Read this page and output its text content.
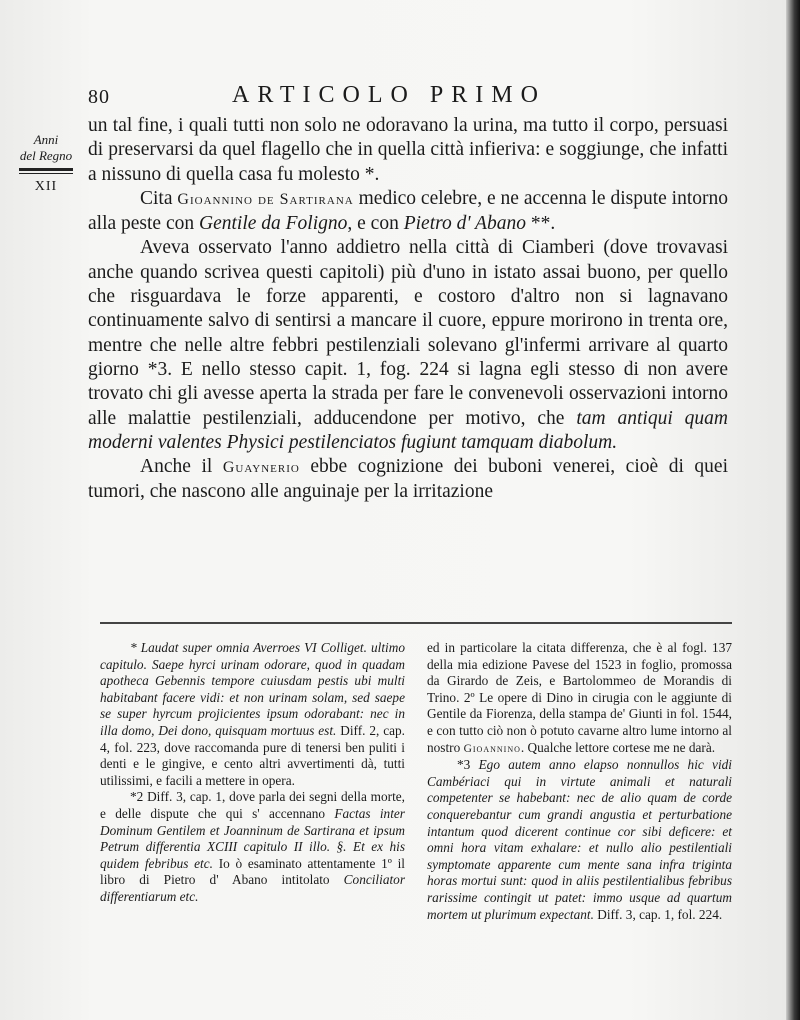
80	ARTICOLO PRIMO
Anni
del Regno
XII

un tal fine, i quali tutti non solo ne odoravano la urina, ma tutto il corpo, persuasi di preservarsi da quel flagello che in quella città infieriva: e soggiunge, che infatti a nissuno di quella casa fu molesto *.

Cita Gioannino de Sartirana medico celebre, e ne accenna le dispute intorno alla peste con Gentile da Foligno, e con Pietro d' Abano **.

Aveva osservato l'anno addietro nella città di Ciamberi (dove trovavasi anche quando scrivea questi capitoli) più d'uno in istato assai buono, per quello che risguardava le forze apparenti, e costoro d'altro non si lagnavano continuamente salvo di sentirsi a mancare il cuore, eppure morirono in trenta ore, mentre che nelle altre febbri pestilenziali solevano gl'infermi arrivare al quarto giorno *3. E nello stesso capit. 1, fog. 224 si lagna egli stesso di non avere trovato chi gli avesse aperta la strada per fare le convenevoli osservazioni intorno alle malattie pestilenziali, adducendone per motivo, che tam antiqui quam moderni valentes Physici pestilenciatos fugiunt tamquam diabolum.

Anche il Guaynerio ebbe cognizione dei buboni venerei, cioè di quei tumori, che nascono alle anguinaje per la irritazione

* Laudat super omnia Averroes VI Colliget. ultimo capitulo. Saepe hyrci urinam odorare, quod in quadam apotheca Gebennis tempore cuiusdam pestis ubi multi habitabant facere vidi: et non urinam solam, sed saepe se super hyrcum projicientes ipsum odorabant: nec in illa domo, Dei dono, quisquam mortuus est. Diff. 2, cap. 4, fol. 223, dove raccomanda pure di tenersi ben puliti i denti e le gingive, e cento altri avvertimenti dà, tutti utilissimi, e facili a mettere in opera.

*2 Diff. 3, cap. 1, dove parla dei segni della morte, e delle dispute che qui s' accennano Factas inter Dominum Gentilem et Joanninum de Sartirana et ipsum Petrum differentia XCIII capitulo II illo. §. Et ex his quidem febribus etc. Io ò esaminato attentamente 1º il libro di Pietro d' Abano intitolato Conciliator differentiarum etc.

ed in particolare la citata differenza, che è al fogl. 137 della mia edizione Pavese del 1523 in foglio, promossa da Girardo de Zeis, e Bartolommeo de Morandis di Trino. 2º Le opere di Dino in cirugia con le aggiunte di Gentile da Fiorenza, della stampa de' Giunti in fol. 1544, e con tutto ciò non ò potuto cavarne altro lume intorno al nostro Gioannino. Qualche lettore cortese me ne darà.

*3 Ego autem anno elapso nonnullos hic vidi Cambériaci qui in virtute animali et naturali competenter se habebant: nec de alio quam de corde conquerebantur cum grandi angustia et perturbatione intantum quod dicerent continue cor sibi deficere: et omni hora vitam exhalare: et nullo alio pestilentiali symptomate apparente cum mente sana infra triginta horas mortui sunt: quod in aliis pestilentialibus febribus rarissime contingit ut patet: immo usque ad quartum mortem ut plurimum expectant. Diff. 3, cap. 1, fol. 224.
